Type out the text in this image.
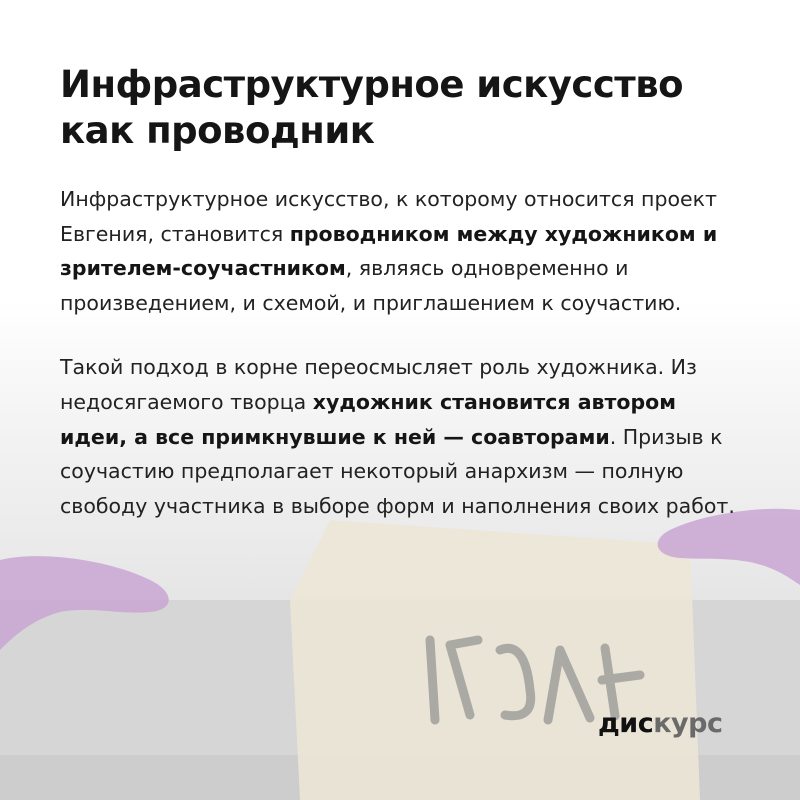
Инфраструктурное искусство как проводник

Инфраструктурное искусство, к которому относится проект Евгения, становится проводником между художником и зрителем-соучастником, являясь одновременно и произведением, и схемой, и приглашением к соучастию.

Такой подход в корне переосмысляет роль художника. Из недосягаемого творца художник становится автором идеи, а все примкнувшие к ней — соавторами. Призыв к соучастию предполагает некоторый анархизм — полную свободу участника в выборе форм и наполнения своих работ.

дискурс
